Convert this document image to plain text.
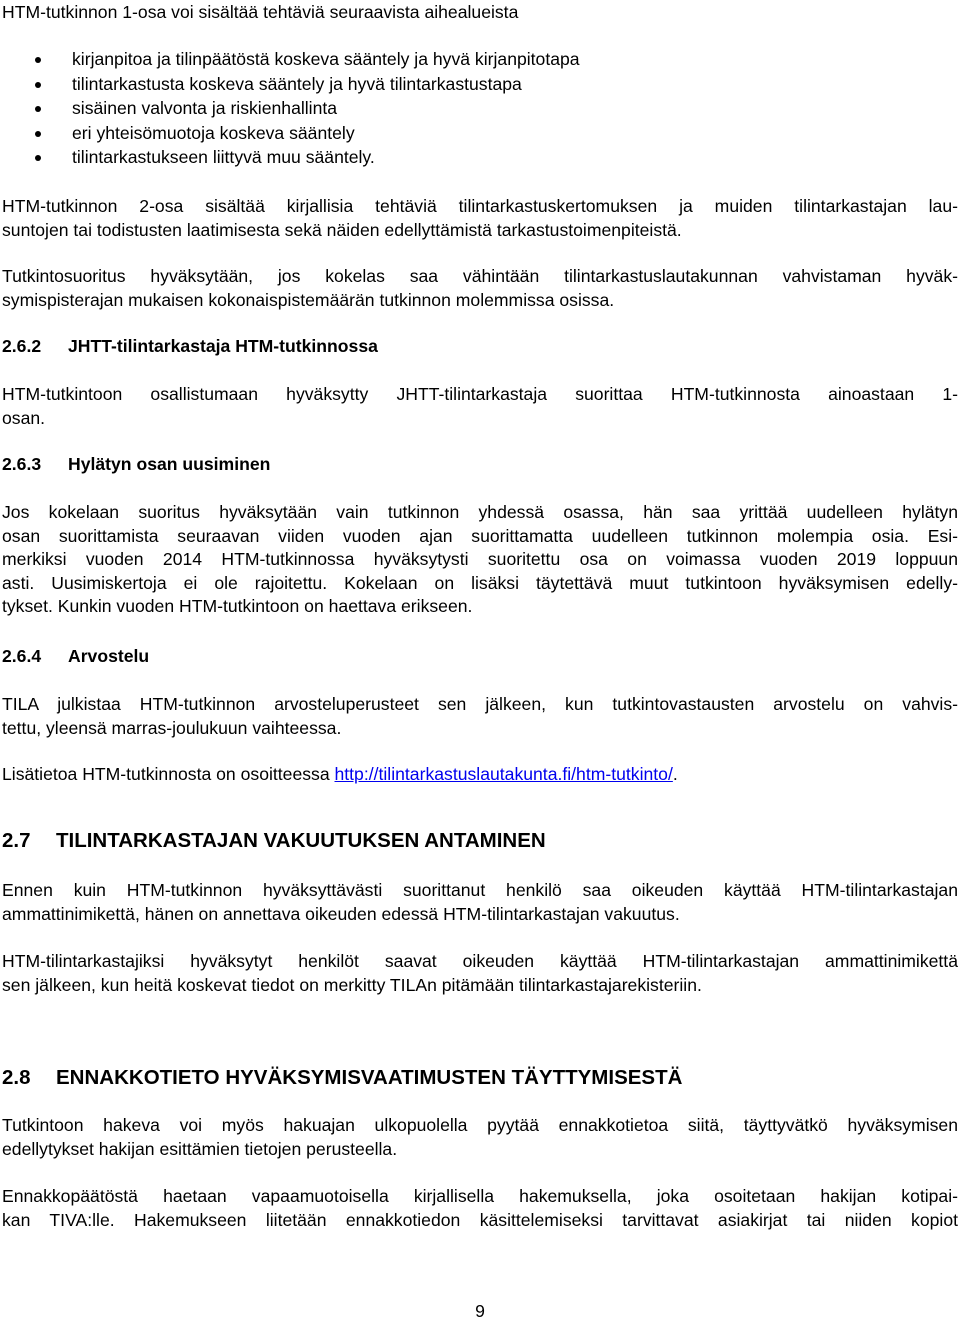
HTM-tutkinnon 1-osa voi sisältää tehtäviä seuraavista aihealueista
kirjanpitoa ja tilinpäätöstä koskeva sääntely ja hyvä kirjanpitotapa
tilintarkastusta koskeva sääntely ja hyvä tilintarkastustapa
sisäinen valvonta ja riskienhallinta
eri yhteisömuotoja koskeva sääntely
tilintarkastukseen liittyvä muu sääntely.

HTM-tutkinnon 2-osa sisältää kirjallisia tehtäviä tilintarkastuskertomuksen ja muiden tilintarkastajan lau-

suntojen tai todistusten laatimisesta sekä näiden edellyttämistä tarkastustoimenpiteistä.

Tutkintosuoritus hyväksytään, jos kokelas saa vähintään tilintarkastuslautakunnan vahvistaman hyväk-

symispisterajan mukaisen kokonaispistemäärän tutkinnon molemmissa osissa.

2.6.2 JHTT-tilintarkastaja HTM-tutkinnossa

HTM-tutkintoon osallistumaan hyväksytty JHTT-tilintarkastaja suorittaa HTM-tutkinnosta ainoastaan 1-

osan.

2.6.3 Hylätyn osan uusiminen

Jos kokelaan suoritus hyväksytään vain tutkinnon yhdessä osassa, hän saa yrittää uudelleen hylätyn

osan suorittamista seuraavan viiden vuoden ajan suorittamatta uudelleen tutkinnon molempia osia. Esi-

merkiksi vuoden 2014 HTM-tutkinnossa hyväksytysti suoritettu osa on voimassa vuoden 2019 loppuun

asti. Uusimiskertoja ei ole rajoitettu. Kokelaan on lisäksi täytettävä muut tutkintoon hyväksymisen edelly-

tykset. Kunkin vuoden HTM-tutkintoon on haettava erikseen.

2.6.4 Arvostelu

TILA julkistaa HTM-tutkinnon arvosteluperusteet sen jälkeen, kun tutkintovastausten arvostelu on vahvis-

tettu, yleensä marras-joulukuun vaihteessa.

Lisätietoa HTM-tutkinnosta on osoitteessa http://tilintarkastuslautakunta.fi/htm-tutkinto/.

2.7 TILINTARKASTAJAN VAKUUTUKSEN ANTAMINEN

Ennen kuin HTM-tutkinnon hyväksyttävästi suorittanut henkilö saa oikeuden käyttää HTM-tilintarkastajan

ammattinimikettä, hänen on annettava oikeuden edessä HTM-tilintarkastajan vakuutus.

HTM-tilintarkastajiksi hyväksytyt henkilöt saavat oikeuden käyttää HTM-tilintarkastajan ammattinimikettä

sen jälkeen, kun heitä koskevat tiedot on merkitty TILAn pitämään tilintarkastajarekisteriin.

2.8 ENNAKKOTIETO HYVÄKSYMISVAATIMUSTEN TÄYTTYMISESTÄ

Tutkintoon hakeva voi myös hakuajan ulkopuolella pyytää ennakkotietoa siitä, täyttyvätkö hyväksymisen

edellytykset hakijan esittämien tietojen perusteella.

Ennakkopäätöstä haetaan vapaamuotoisella kirjallisella hakemuksella, joka osoitetaan hakijan kotipai-

kan TIVA:lle. Hakemukseen liitetään ennakkotiedon käsittelemiseksi tarvittavat asiakirjat tai niiden kopiot

9
